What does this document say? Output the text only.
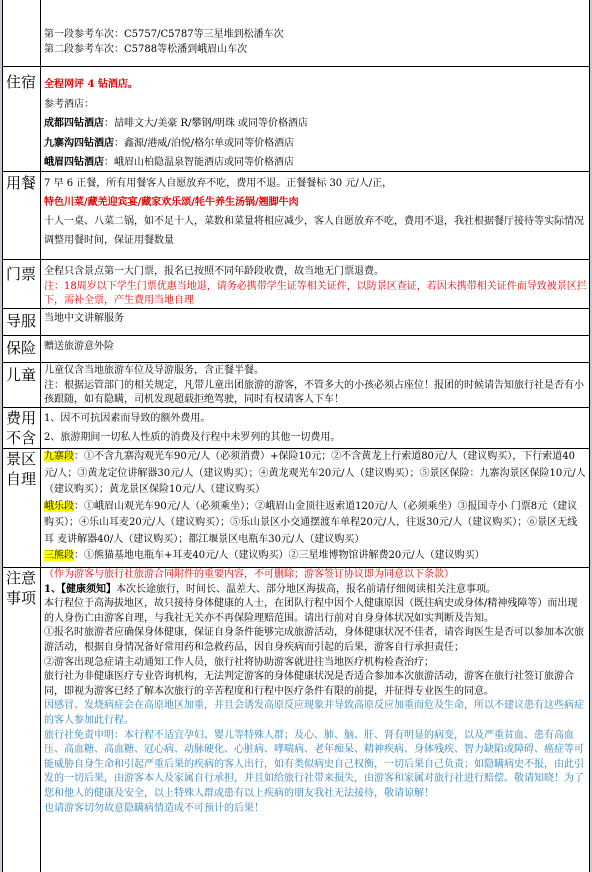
第一段参考车次：C5757/C5787等三星堆到松潘车次

第二段参考车次：C5788等松潘到峨眉山车次

住宿 全程网评 4 钻酒店。

参考酒店：

成都四钻酒店：喆啡文大/美豪 R/攀钢/明珠 或同等价格酒店

九寨沟四钻酒店：鑫源/港威/泊悦/格尔单或同等价格酒店

峨眉四钻酒店：峨眉山柏隐温泉智能酒店或同等价格酒店

用餐 7 早 6 正餐，所有用餐客人自愿放弃不吃，费用不退。正餐餐标 30 元/人/正，

特色川菜/藏羌迎宾宴/藏家欢乐颂/牦牛养生汤锅/翘脚牛肉

十人一桌、八菜二锅，如不足十人，菜数和菜量将相应减少，客人自愿放弃不吃，费用不退，我社根据餐厅接待等实际情况调整用餐时间，保证用餐数量

门票 全程只含景点第一大门票，报名已按照不同年龄段收费，故当地无门票退费。

注：18周岁以下学生门票优惠当地退，请务必携带学生证等相关证件，以防景区查证，若因未携带相关证件而导致被景区拦下，需补全票，产生费用当地自理

导服 当地中文讲解服务

保险 赠送旅游意外险

儿童 儿童仅含当地旅游车位及导游服务，含正餐半餐。

注：根据运管部门的相关规定，凡带儿童出团旅游的游客，不管多大的小孩必须占座位！报团的时候请告知旅行社是否有小孩跟随，如有隐瞒，司机发现超载拒绝驾驶，同时有权请客人下车！

费用
不含

1、因不可抗因素而导致的额外费用。

2、旅游期间一切私人性质的消费及行程中未罗列的其他一切费用。

景区
自理

九寨段：①不含九寨沟观光车90元/人（必须消费）+保险10元；②不含黄龙上行索道80元/人（建议购买），下行索道40元/人；③黄龙定位讲解器30元/人（建议购买）；④黄龙观光车20元/人（建议购买）；⑤景区保险：九寨沟景区保险10元/人（建议购买）；黄龙景区保险10元/人（建议购买）

峨乐段：①峨眉山观光车90元/人（必须乘坐）；②峨眉山金顶往返索道120元/人（必须乘坐）③报国寺小 门票8元（建议购买）；④乐山耳麦20元/人（建议购买）；⑤乐山景区小交通摆渡车单程20元/人，往返30元/人（建议购买）；⑥景区无线耳 麦讲解器40/人（建议购买）；都江堰景区电瓶车30元/人（建议购买）

三熊段：①熊猫基地电瓶车+耳麦40元/人（建议购买）②三星堆博物馆讲解费20元/人（建议购买）

注意
事项

（作为游客与旅行社旅游合同附件的重要内容，不可删除；游客签订协议即为同意以下条款）

1、【健康须知】本次长途旅行，时间长、温差大、部分地区海拔高，报名前请仔细阅读相关注意事项。

本行程位于高海拔地区，故只接待身体健康的人士，在团队行程中因个人健康原因（既往病史或身体/精神残障等）而出现的人身伤亡由游客自理，与我社无关亦不再保险理赔范围。请出行前对自身身体状况如实判断及告知。

①报名时旅游者应确保身体健康，保证自身条件能够完成旅游活动，身体健康状况不佳者，请咨询医生是否可以参加本次旅游活动，根据自身情况备好常用药和急救药品，因自身疾病而引起的后果，游客自行承担责任；

②游客出现急症请主动通知工作人员，旅行社将协助游客就进往当地医疗机构检查治疗；

旅行社为非健康医疗专业咨询机构，无法判定游客的身体健康状况是否适合参加本次旅游活动，游客在旅行社签订旅游合同，即视为游客已经了解本次旅行的辛苦程度和行程中医疗条件有限的前提，并征得专业医生的同意。

因感冒、发烧病症会在高原地区加重，并且会诱发高原反应现象并导致高原反应加重而危及生命，所以不建议患有这些病症的客人参加此行程。

旅行社免责申明：本行程不适宜孕妇、婴儿等特殊人群；及心、肺、脑、肝、肾有明显的病变，以及严重贫血、患有高血压、高血糖、高血糖、冠心病、动脉硬化、心脏病、哮喘病、老年痴呆、精神疾病、身体残疾、智力缺陷或障碍、癌症等可能威胁自身生命和引起严重后果的疾病的客人出行，如有类似病史自己权衡，一切后果自己负责；如隐瞒病史不报，由此引发的一切后果，由游客本人及家属自行承担，并且如给旅行社带来损失，由游客和家属对旅行社进行赔偿。敬请知晓！为了您和他人的健康及安全，以上特殊人群或患有以上疾病的朋友我社无法接待，敬请谅解！

也请游客切勿故意隐瞒病情造成不可预计的后果！
